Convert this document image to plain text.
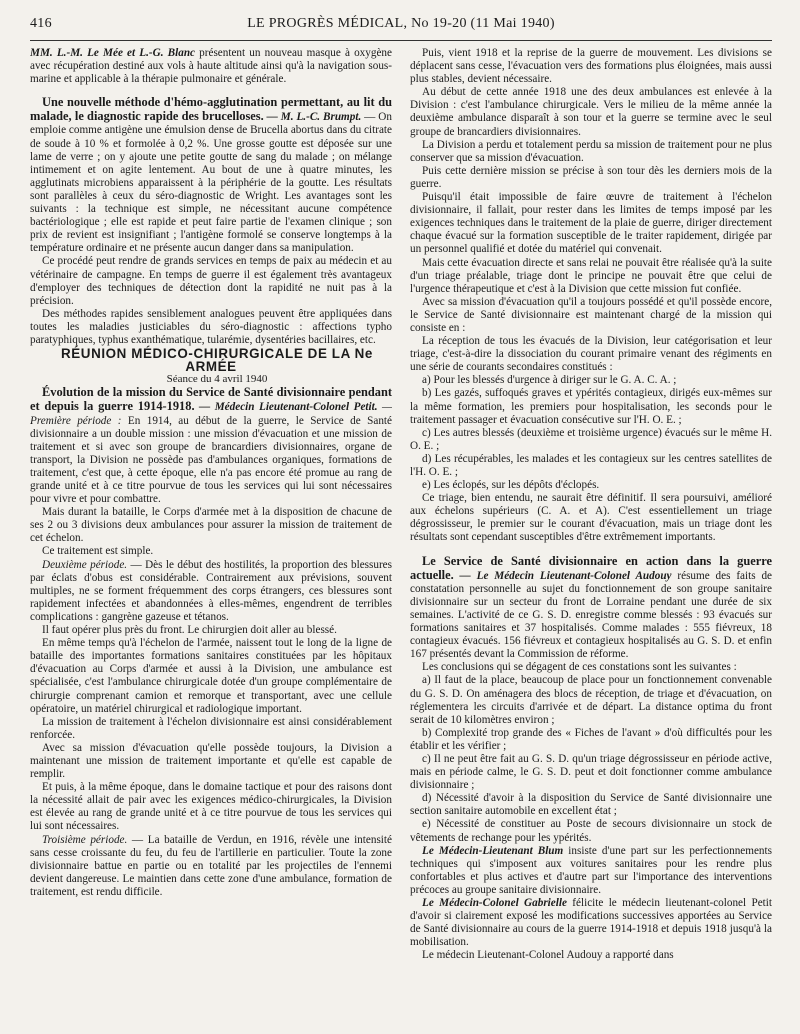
416	LE PROGRÈS MÉDICAL, No 19-20 (11 Mai 1940)

MM. L.-M. Le Mée et L.-G. Blanc présentent un nouveau masque à oxygène avec récupération destiné aux vols à haute altitude ainsi qu'à la navigation sous-marine et applicable à la thérapie pulmonaire et générale.

Une nouvelle méthode d'hémo-agglutination permettant, au lit du malade, le diagnostic rapide des brucelloses. — M. L.-C. Brumpt. — On emploie comme antigène une émulsion dense de Brucella abortus dans du citrate de soude à 10 % et formolée à 0,2 %. Une grosse goutte est déposée sur une lame de verre ; on y ajoute une petite goutte de sang du malade ; on mélange intimement et on agite lentement. Au bout de une à quatre minutes, les agglutinats microbiens apparaissent à la périphérie de la goutte. Les résultats sont parallèles à ceux du séro-diagnostic de Wright. Les avantages sont les suivants : la technique est simple, ne nécessitant aucune compétence bactériologique ; elle est rapide et peut faire partie de l'examen clinique ; son prix de revient est insignifiant ; l'antigène formolé se conserve longtemps à la température ordinaire et ne présente aucun danger dans sa manipulation.

Ce procédé peut rendre de grands services en temps de paix au médecin et au vétérinaire de campagne. En temps de guerre il est également très avantageux d'employer des techniques de détection dont la rapidité ne nuit pas à la précision.

Des méthodes rapides sensiblement analogues peuvent être appliquées dans toutes les maladies justiciables du séro-diagnostic : affections typho paratyphiques, typhus exanthématique, tularémie, dysentéries bacillaires, etc.

RÉUNION MÉDICO-CHIRURGICALE DE LA Ne ARMÉE

Séance du 4 avril 1940

Évolution de la mission du Service de Santé divisionnaire pendant et depuis la guerre 1914-1918. — Médecin Lieutenant-Colonel Petit. — Première période : En 1914, au début de la guerre, le Service de Santé divisionnaire a un double mission : une mission d'évacuation et une mission de traitement et si avec son groupe de brancardiers divisionnaires, organe de transport, la Division ne possède pas d'ambulances organiques, formations de traitement, c'est que, à cette époque, elle n'a pas encore été promue au rang de grande unité et à ce titre pourvue de tous les services qui lui sont nécessaires pour vivre et pour combattre.

Mais durant la bataille, le Corps d'armée met à la disposition de chacune de ses 2 ou 3 divisions deux ambulances pour assurer la mission de traitement de cet échelon.

Ce traitement est simple.

Deuxième période. — Dès le début des hostilités, la proportion des blessures par éclats d'obus est considérable. Contrairement aux prévisions, souvent multiples, ne se forment fréquemment des corps étrangers, ces blessures sont rapidement infectées et abandonnées à elles-mêmes, engendrent de terribles complications : gangrène gazeuse et tétanos.

Il faut opérer plus près du front. Le chirurgien doit aller au blessé.

En même temps qu'à l'échelon de l'armée, naissent tout le long de la ligne de bataille des importantes formations sanitaires constituées par les hôpitaux d'évacuation au Corps d'armée et aussi à la Division, une ambulance est spécialisée, c'est l'ambulance chirurgicale dotée d'un groupe complémentaire de chirurgie comprenant camion et remorque et transportant, avec une cellule opératoire, un matériel chirurgical et radiologique important.

La mission de traitement à l'échelon divisionnaire est ainsi considérablement renforcée.

Avec sa mission d'évacuation qu'elle possède toujours, la Division a maintenant une mission de traitement importante et qu'elle est capable de remplir.

Et puis, à la même époque, dans le domaine tactique et pour des raisons dont la nécessité allait de pair avec les exigences médico-chirurgicales, la Division est élevée au rang de grande unité et à ce titre pourvue de tous les services qui lui sont nécessaires.

Troisième période. — La bataille de Verdun, en 1916, révèle une intensité sans cesse croissante du feu, du feu de l'artillerie en particulier. Toute la zone divisionnaire battue en partie ou en totalité par les projectiles de l'ennemi devient dangereuse. Le maintien dans cette zone d'une ambulance, formation de traitement, est rendu difficile.

Puis, vient 1918 et la reprise de la guerre de mouvement. Les divisions se déplacent sans cesse, l'évacuation vers des formations plus éloignées, mais aussi plus stables, devient nécessaire.

Au début de cette année 1918 une des deux ambulances est enlevée à la Division : c'est l'ambulance chirurgicale. Vers le milieu de la même année la deuxième ambulance disparaît à son tour et la guerre se termine avec le seul groupe de brancardiers divisionnaires.

La Division a perdu et totalement perdu sa mission de traitement pour ne plus conserver que sa mission d'évacuation.

Puis cette dernière mission se précise à son tour dès les derniers mois de la guerre.

Puisqu'il était impossible de faire œuvre de traitement à l'échelon divisionnaire, il fallait, pour rester dans les limites de temps imposé par les exigences techniques dans le traitement de la plaie de guerre, diriger directement chaque évacué sur la formation susceptible de le traiter rapidement, dirigée par un personnel qualifié et dotée du matériel qui convenait.

Mais cette évacuation directe et sans relai ne pouvait être réalisée qu'à la suite d'un triage préalable, triage dont le principe ne pouvait être que celui de l'urgence thérapeutique et c'est à la Division que cette mission fut confiée.

Avec sa mission d'évacuation qu'il a toujours possédé et qu'il possède encore, le Service de Santé divisionnaire est maintenant chargé de la mission qui consiste en :

La réception de tous les évacués de la Division, leur catégorisation et leur triage, c'est-à-dire la dissociation du courant primaire venant des régiments en une série de courants secondaires constitués :

a) Pour les blessés d'urgence à diriger sur le G. A. C. A. ;

b) Les gazés, suffoqués graves et ypérités contagieux, dirigés eux-mêmes sur la même formation, les premiers pour hospitalisation, les seconds pour le traitement passager et évacuation consécutive sur l'H. O. E. ;

c) Les autres blessés (deuxième et troisième urgence) évacués sur le même H. O. E. ;

d) Les récupérables, les malades et les contagieux sur les centres satellites de l'H. O. E. ;

e) Les éclopés, sur les dépôts d'éclopés.

Ce triage, bien entendu, ne saurait être définitif. Il sera poursuivi, amélioré aux échelons supérieurs (C. A. et A). C'est essentiellement un triage dégrossisseur, le premier sur le courant d'évacuation, mais un triage dont les résultats sont cependant susceptibles d'être extrêmement importants.

Le Service de Santé divisionnaire en action dans la guerre actuelle. — Le Médecin Lieutenant-Colonel Audouy résume des faits de constatation personnelle au sujet du fonctionnement de son groupe sanitaire divisionnaire sur un secteur du front de Lorraine pendant une durée de six semaines. L'activité de ce G. S. D. enregistre comme blessés : 93 évacués sur formations sanitaires et 37 hospitalisés. Comme malades : 555 fiévreux, 18 contagieux évacués. 156 fiévreux et contagieux hospitalisés au G. S. D. et enfin 167 présentés devant la Commission de réforme.

Les conclusions qui se dégagent de ces constations sont les suivantes :

a) Il faut de la place, beaucoup de place pour un fonctionnement convenable du G. S. D. On aménagera des blocs de réception, de triage et d'évacuation, on réglementera les circuits d'arrivée et de départ. La distance optima du front serait de 10 kilomètres environ ;

b) Complexité trop grande des « Fiches de l'avant » d'où difficultés pour les établir et les vérifier ;

c) Il ne peut être fait au G. S. D. qu'un triage dégrossisseur en période active, mais en période calme, le G. S. D. peut et doit fonctionner comme ambulance divisionnaire ;

d) Nécessité d'avoir à la disposition du Service de Santé divisionnaire une section sanitaire automobile en excellent état ;

e) Nécessité de constituer au Poste de secours divisionnaire un stock de vêtements de rechange pour les ypérités.

Le Médecin-Lieutenant Blum insiste d'une part sur les perfectionnements techniques qui s'imposent aux voitures sanitaires pour les rendre plus confortables et plus actives et d'autre part sur l'importance des interventions précoces au groupe sanitaire divisionnaire.

Le Médecin-Colonel Gabrielle félicite le médecin lieutenant-colonel Petit d'avoir si clairement exposé les modifications successives apportées au Service de Santé divisionnaire au cours de la guerre 1914-1918 et depuis 1918 jusqu'à la mobilisation.

Le médecin Lieutenant-Colonel Audouy a rapporté dans
